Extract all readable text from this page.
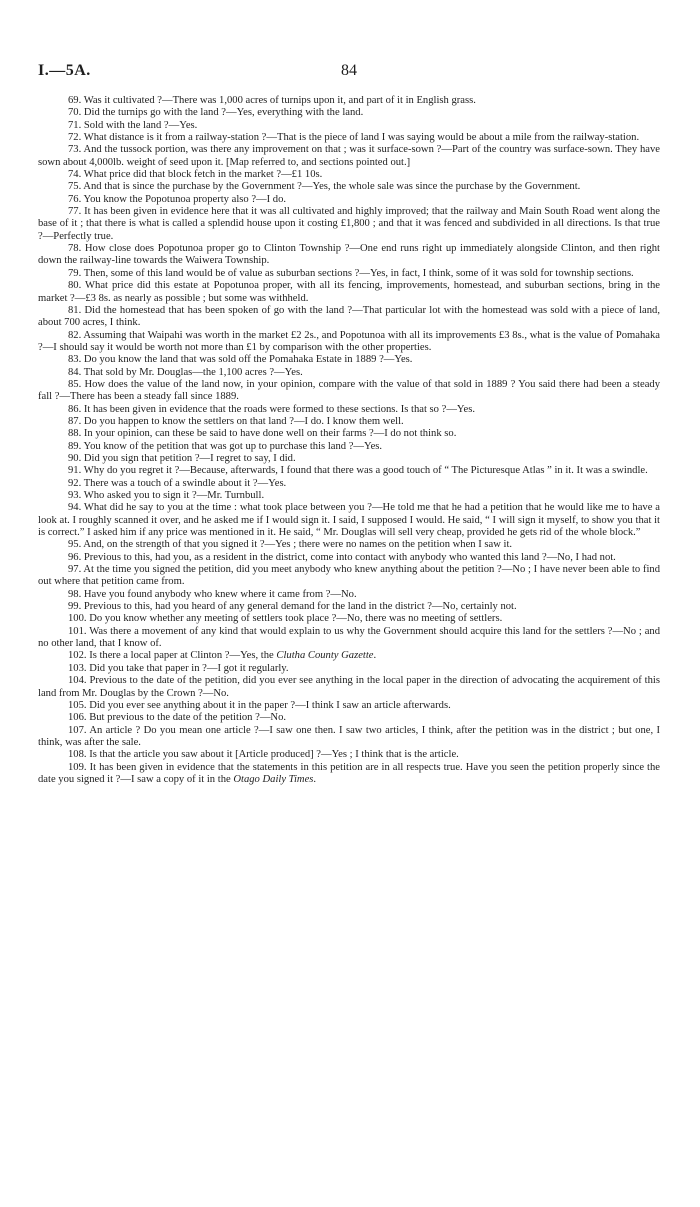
I.—5A.	84

69. Was it cultivated ?—There was 1,000 acres of turnips upon it, and part of it in English grass.

70. Did the turnips go with the land ?—Yes, everything with the land.

71. Sold with the land ?—Yes.

72. What distance is it from a railway-station ?—That is the piece of land I was saying would be about a mile from the railway-station.

73. And the tussock portion, was there any improvement on that ; was it surface-sown ?—Part of the country was surface-sown. They have sown about 4,000lb. weight of seed upon it. [Map referred to, and sections pointed out.]

74. What price did that block fetch in the market ?—£1 10s.

75. And that is since the purchase by the Government ?—Yes, the whole sale was since the purchase by the Government.

76. You know the Popotunoa property also ?—I do.

77. It has been given in evidence here that it was all cultivated and highly improved; that the railway and Main South Road went along the base of it ; that there is what is called a splendid house upon it costing £1,800 ; and that it was fenced and subdivided in all directions. Is that true ?—Perfectly true.

78. How close does Popotunoa proper go to Clinton Township ?—One end runs right up immediately alongside Clinton, and then right down the railway-line towards the Waiwera Township.

79. Then, some of this land would be of value as suburban sections ?—Yes, in fact, I think, some of it was sold for township sections.

80. What price did this estate at Popotunoa proper, with all its fencing, improvements, homestead, and suburban sections, bring in the market ?—£3 8s. as nearly as possible ; but some was withheld.

81. Did the homestead that has been spoken of go with the land ?—That particular lot with the homestead was sold with a piece of land, about 700 acres, I think.

82. Assuming that Waipahi was worth in the market £2 2s., and Popotunoa with all its improvements £3 8s., what is the value of Pomahaka ?—I should say it would be worth not more than £1 by comparison with the other properties.

83. Do you know the land that was sold off the Pomahaka Estate in 1889 ?—Yes.

84. That sold by Mr. Douglas—the 1,100 acres ?—Yes.

85. How does the value of the land now, in your opinion, compare with the value of that sold in 1889 ? You said there had been a steady fall ?—There has been a steady fall since 1889.

86. It has been given in evidence that the roads were formed to these sections. Is that so ?—Yes.

87. Do you happen to know the settlers on that land ?—I do. I know them well.

88. In your opinion, can these be said to have done well on their farms ?—I do not think so.

89. You know of the petition that was got up to purchase this land ?—Yes.

90. Did you sign that petition ?—I regret to say, I did.

91. Why do you regret it ?—Because, afterwards, I found that there was a good touch of “ The Picturesque Atlas ” in it. It was a swindle.

92. There was a touch of a swindle about it ?—Yes.

93. Who asked you to sign it ?—Mr. Turnbull.

94. What did he say to you at the time : what took place between you ?—He told me that he had a petition that he would like me to have a look at. I roughly scanned it over, and he asked me if I would sign it. I said, I supposed I would. He said, “ I will sign it myself, to show you that it is correct.” I asked him if any price was mentioned in it. He said, “ Mr. Douglas will sell very cheap, provided he gets rid of the whole block.”

95. And, on the strength of that you signed it ?—Yes ; there were no names on the petition when I saw it.

96. Previous to this, had you, as a resident in the district, come into contact with anybody who wanted this land ?—No, I had not.

97. At the time you signed the petition, did you meet anybody who knew anything about the petition ?—No ; I have never been able to find out where that petition came from.

98. Have you found anybody who knew where it came from ?—No.

99. Previous to this, had you heard of any general demand for the land in the district ?—No, certainly not.

100. Do you know whether any meeting of settlers took place ?—No, there was no meeting of settlers.

101. Was there a movement of any kind that would explain to us why the Government should acquire this land for the settlers ?—No ; and no other land, that I know of.

102. Is there a local paper at Clinton ?—Yes, the Clutha County Gazette.

103. Did you take that paper in ?—I got it regularly.

104. Previous to the date of the petition, did you ever see anything in the local paper in the direction of advocating the acquirement of this land from Mr. Douglas by the Crown ?—No.

105. Did you ever see anything about it in the paper ?—I think I saw an article afterwards.

106. But previous to the date of the petition ?—No.

107. An article ? Do you mean one article ?—I saw one then. I saw two articles, I think, after the petition was in the district ; but one, I think, was after the sale.

108. Is that the article you saw about it [Article produced] ?—Yes ; I think that is the article.

109. It has been given in evidence that the statements in this petition are in all respects true. Have you seen the petition properly since the date you signed it ?—I saw a copy of it in the Otago Daily Times.
